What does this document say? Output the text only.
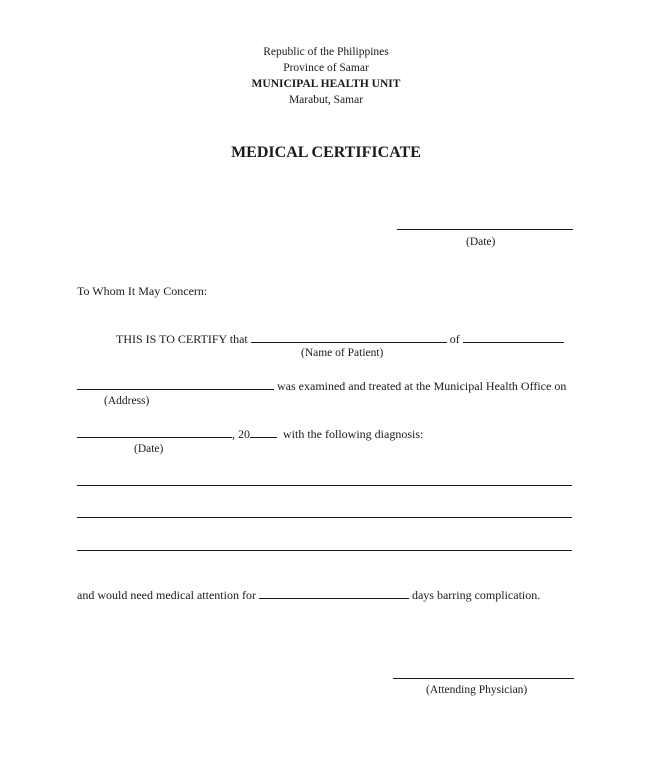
Republic of the Philippines
Province of Samar
MUNICIPAL HEALTH UNIT
Marabut, Samar
MEDICAL CERTIFICATE
(Date)
To Whom It May Concern:
THIS IS TO CERTIFY that	of
(Name of Patient)
was examined and treated at the Municipal Health Office on
(Address)
, 20	with the following diagnosis:
(Date)
and would need medical attention for	days barring complication.
(Attending Physician)
